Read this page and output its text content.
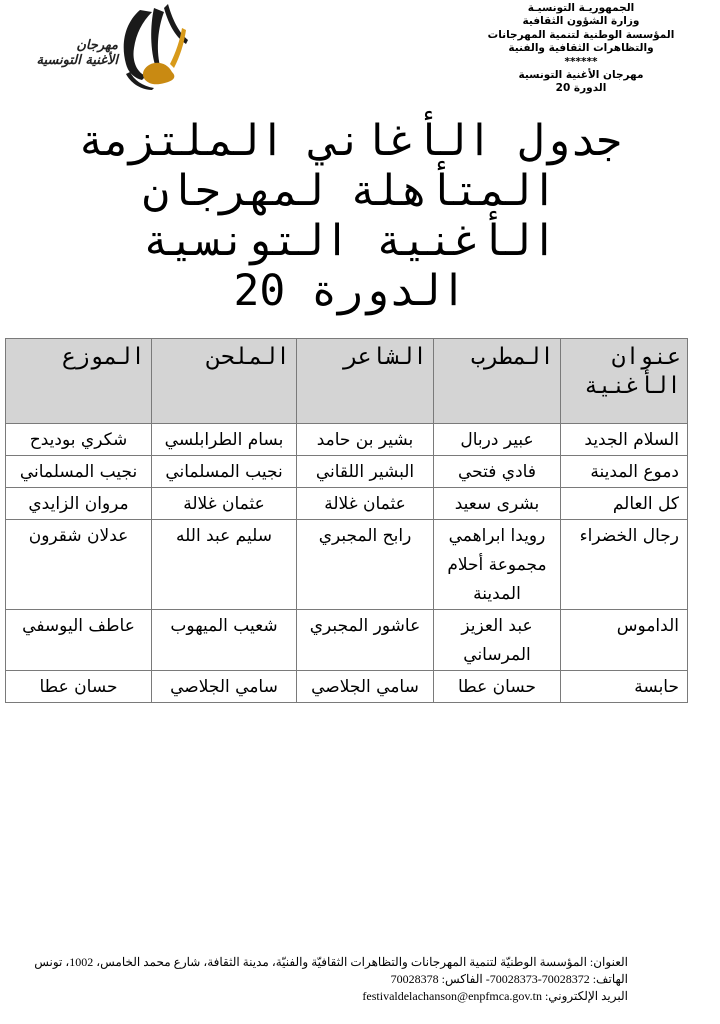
مهرجان
الأغنية التونسية
الجمهوريـة التونسيـة
وزارة الشؤون الثقافية
المؤسسة الوطنية لتنمية المهرجانات
والتظاهرات الثقافية والفنية
******
مهرجان الأغنية التونسية
الدورة 20
جدول الأغاني الملتزمة
المتأهلة لمهرجان
الأغنية التونسية
الدورة 20
عنوان الأغنية	المطرب	الشاعر	الملحن	الموزع
السلام الجديد	عبير دربال	بشير بن حامد	بسام الطرابلسي	شكري بوديدح
دموع المدينة	فادي فتحي	البشير اللقاني	نجيب المسلماني	نجيب المسلماني
كل العالم	بشرى سعيد	عثمان غلالة	عثمان غلالة	مروان الزايدي
رجال الخضراء	رويدا ابراهمي مجموعة أحلام المدينة	رابح المجبري	سليم عبد الله	عدلان شقرون
الداموس	عبد العزيز المرساني	عاشور المجبري	شعيب الميهوب	عاطف اليوسفي
حابسة	حسان عطا	سامي الجلاصي	سامي الجلاصي	حسان عطا
العنوان: المؤسسة الوطنيّة لتنمية المهرجانات والتظاهرات الثقافيّة والفنيّة، مدينة الثقافة، شارع محمد الخامس، 1002، تونس
الهاتف: 70028372-70028373- الفاكس: 70028378
البريد الإلكتروني: festivaldelachanson@enpfmca.gov.tn
